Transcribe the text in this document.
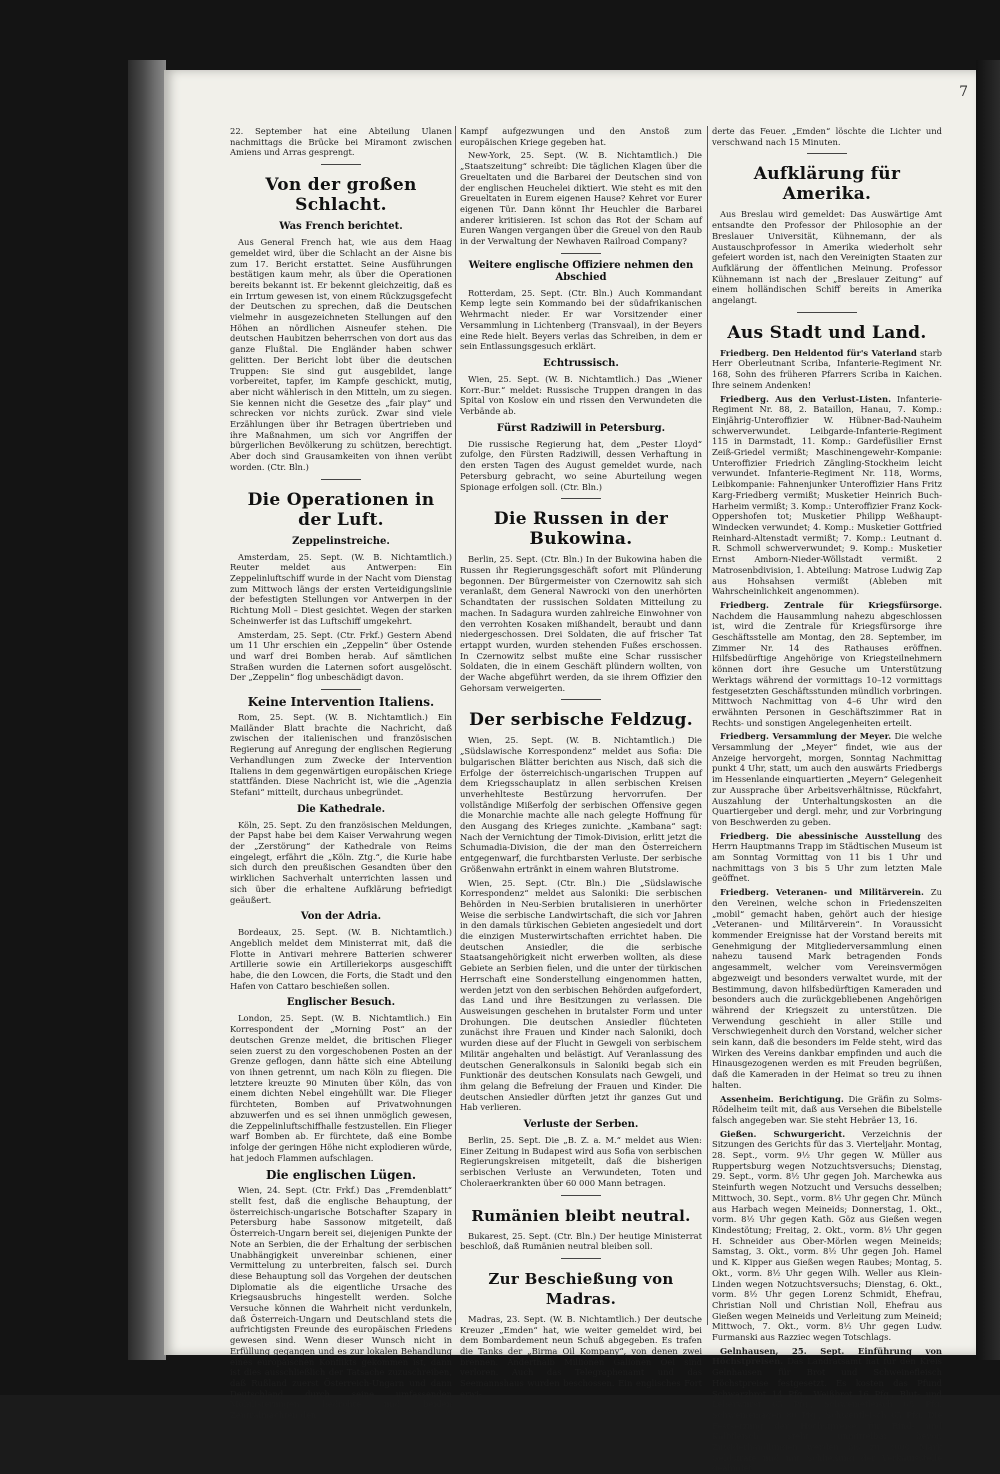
7

22. September hat eine Abteilung Ulanen nachmittags die Brücke bei Miramont zwischen Amiens und Arras gesprengt.

Von der großen Schlacht.
Was French berichtet.

Aus General French hat, wie aus dem Haag gemeldet wird, über die Schlacht an der Aisne bis zum 17. Bericht erstattet. Seine Ausführungen bestätigen kaum mehr, als über die Operationen bereits bekannt ist. Er bekennt gleichzeitig, daß es ein Irrtum gewesen ist, von einem Rückzugsgefecht der Deutschen zu sprechen, daß die Deutschen vielmehr in ausgezeichneten Stellungen auf den Höhen an nördlichen Aisneufer stehen. Die deutschen Haubitzen beherrschen von dort aus das ganze Flußtal. Die Engländer haben schwer gelitten. Der Bericht lobt über die deutschen Truppen: Sie sind gut ausgebildet, lange vorbereitet, tapfer, im Kampfe geschickt, mutig, aber nicht wählerisch in den Mitteln, um zu siegen. Sie kennen nicht die Gesetze des „fair play“ und schrecken vor nichts zurück. Zwar sind viele Erzählungen über ihr Betragen übertrieben und ihre Maßnahmen, um sich vor Angriffen der bürgerlichen Bevölkerung zu schützen, berechtigt. Aber doch sind Grausamkeiten von ihnen verübt worden. (Ctr. Bln.)

Die Operationen in der Luft.
Zeppelinstreiche.

Amsterdam, 25. Sept. (W. B. Nichtamtlich.) Reuter meldet aus Antwerpen: Ein Zeppelinluftschiff wurde in der Nacht vom Dienstag zum Mittwoch längs der ersten Verteidigungslinie der befestigten Stellungen vor Antwerpen in der Richtung Moll – Diest gesichtet. Wegen der starken Scheinwerfer ist das Luftschiff umgekehrt.

Amsterdam, 25. Sept. (Ctr. Frkf.) Gestern Abend um 11 Uhr erschien ein „Zeppelin“ über Ostende und warf drei Bomben herab. Auf sämtlichen Straßen wurden die Laternen sofort ausgelöscht. Der „Zeppelin“ flog unbeschädigt davon.

Keine Intervention Italiens.

Rom, 25. Sept. (W. B. Nichtamtlich.) Ein Mailänder Blatt brachte die Nachricht, daß zwischen der italienischen und französischen Regierung auf Anregung der englischen Regierung Verhandlungen zum Zwecke der Intervention Italiens in dem gegenwärtigen europäischen Kriege stattfänden. Diese Nachricht ist, wie die „Agenzia Stefani“ mitteilt, durchaus unbegründet.

Die Kathedrale.

Köln, 25. Sept. Zu den französischen Meldungen, der Papst habe bei dem Kaiser Verwahrung wegen der „Zerstörung“ der Kathedrale von Reims eingelegt, erfährt die „Köln. Ztg.“, die Kurie habe sich durch den preußischen Gesandten über den wirklichen Sachverhalt unterrichten lassen und sich über die erhaltene Aufklärung befriedigt geäußert.

Von der Adria.

Bordeaux, 25. Sept. (W. B. Nichtamtlich.) Angeblich meldet dem Ministerrat mit, daß die Flotte in Antivari mehrere Batterien schwerer Artillerie sowie ein Artilleriekorps ausgeschifft habe, die den Lowcen, die Forts, die Stadt und den Hafen von Cattaro beschießen sollen.

Englischer Besuch.

London, 25. Sept. (W. B. Nichtamtlich.) Ein Korrespondent der „Morning Post“ an der deutschen Grenze meldet, die britischen Flieger seien zuerst zu den vorgeschobenen Posten an der Grenze geflogen, dann hätte sich eine Abteilung von ihnen getrennt, um nach Köln zu fliegen. Die letztere kreuzte 90 Minuten über Köln, das von einem dichten Nebel eingehüllt war. Die Flieger fürchteten, Bomben auf Privatwohnungen abzuwerfen und es sei ihnen unmöglich gewesen, die Zeppelinluftschiffhalle festzustellen. Ein Flieger warf Bomben ab. Er fürchtete, daß eine Bombe infolge der geringen Höhe nicht explodieren würde, hat jedoch Flammen aufschlagen.

Die englischen Lügen.

Wien, 24. Sept. (Ctr. Frkf.) Das „Fremdenblatt“ stellt fest, daß die englische Behauptung, der österreichisch-ungarische Botschafter Szapary in Petersburg habe Sassonow mitgeteilt, daß Österreich-Ungarn bereit sei, diejenigen Punkte der Note an Serbien, die der Erhaltung der serbischen Unabhängigkeit unvereinbar schienen, einer Vermittelung zu unterbreiten, falsch sei. Durch diese Behauptung soll das Vorgehen der deutschen Diplomatie als die eigentliche Ursache des Kriegsausbruchs hingestellt werden. Solche Versuche können die Wahrheit nicht verdunkeln, daß Österreich-Ungarn und Deutschland stets die aufrichtigsten Freunde des europäischen Friedens gewesen sind. Wenn dieser Wunsch nicht in Erfüllung gegangen und es zur lokalen Behandlung eines europäischen Konflikts gekommen ist, dann ist dies ausschließlich der Tatsache zuzuschreiben, daß Rußland zuerst Österreich-Ungarn und dann Deutschland durch seine umfassenden Mobilisierungen bedrohte und beiden Zentralmächten den

Kampf aufgezwungen und den Anstoß zum europäischen Kriege gegeben hat.

New-York, 25. Sept. (W. B. Nichtamtlich.) Die „Staatszeitung“ schreibt: Die täglichen Klagen über die Greueltaten und die Barbarei der Deutschen sind von der englischen Heuchelei diktiert. Wie steht es mit den Greueltaten in Eurem eigenen Hause? Kehret vor Eurer eigenen Tür. Dann könnt Ihr Heuchler die Barbarei anderer kritisieren. Ist schon das Rot der Scham auf Euren Wangen vergangen über die Greuel von den Raub in der Verwaltung der Newhaven Railroad Company?

Weitere englische Offiziere nehmen den Abschied

Rotterdam, 25. Sept. (Ctr. Bln.) Auch Kommandant Kemp legte sein Kommando bei der südafrikanischen Wehrmacht nieder. Er war Vorsitzender einer Versammlung in Lichtenberg (Transvaal), in der Beyers eine Rede hielt. Beyers verlas das Schreiben, in dem er sein Entlassungsgesuch erklärt.

Echtrussisch.

Wien, 25. Sept. (W. B. Nichtamtlich.) Das „Wiener Korr.-Bur.“ meldet: Russische Truppen drangen in das Spital von Koslow ein und rissen den Verwundeten die Verbände ab.

Fürst Radziwill in Petersburg.

Die russische Regierung hat, dem „Pester Lloyd“ zufolge, den Fürsten Radziwill, dessen Verhaftung in den ersten Tagen des August gemeldet wurde, nach Petersburg gebracht, wo seine Aburteilung wegen Spionage erfolgen soll. (Ctr. Bln.)

Die Russen in der Bukowina.

Berlin, 25. Sept. (Ctr. Bln.) In der Bukowina haben die Russen ihr Regierungsgeschäft sofort mit Plünderung begonnen. Der Bürgermeister von Czernowitz sah sich veranlaßt, dem General Nawrocki von den unerhörten Schandtaten der russischen Soldaten Mitteilung zu machen. In Sadagura wurden zahlreiche Einwohner von den verrohten Kosaken mißhandelt, beraubt und dann niedergeschossen. Drei Soldaten, die auf frischer Tat ertappt wurden, wurden stehenden Fußes erschossen. In Czernowitz selbst mußte eine Schar russischer Soldaten, die in einem Geschäft plündern wollten, von der Wache abgeführt werden, da sie ihrem Offizier den Gehorsam verweigerten.

Der serbische Feldzug.

Wien, 25. Sept. (W. B. Nichtamtlich.) Die „Südslawische Korrespondenz“ meldet aus Sofia: Die bulgarischen Blätter berichten aus Nisch, daß sich die Erfolge der österreichisch-ungarischen Truppen auf dem Kriegsschauplatz in allen serbischen Kreisen unverhehlteste Bestürzung hervorrufen. Der vollständige Mißerfolg der serbischen Offensive gegen die Monarchie machte alle nach gelegte Hoffnung für den Ausgang des Krieges zunichte. „Kambana“ sagt: Nach der Vernichtung der Timok-Division, erlitt jetzt die Schumadia-Division, die der man den Österreichern entgegenwarf, die furchtbarsten Verluste. Der serbische Größenwahn ertränkt in einem wahren Blutstrome.

Wien, 25. Sept. (Ctr. Bln.) Die „Südslawische Korrespondenz“ meldet aus Saloniki: Die serbischen Behörden in Neu-Serbien brutalisieren in unerhörter Weise die serbische Landwirtschaft, die sich vor Jahren in den damals türkischen Gebieten angesiedelt und dort die einzigen Musterwirtschaften errichtet haben. Die deutschen Ansiedler, die die serbische Staatsangehörigkeit nicht erwerben wollten, als diese Gebiete an Serbien fielen, und die unter der türkischen Herrschaft eine Sonderstellung eingenommen hatten, werden jetzt von den serbischen Behörden aufgefordert, das Land und ihre Besitzungen zu verlassen. Die Ausweisungen geschehen in brutalster Form und unter Drohungen. Die deutschen Ansiedler flüchteten zunächst ihre Frauen und Kinder nach Saloniki, doch wurden diese auf der Flucht in Gewgeli von serbischem Militär angehalten und belästigt. Auf Veranlassung des deutschen Generalkonsuls in Saloniki begab sich ein Funktionär des deutschen Konsulats nach Gewgeli, und ihm gelang die Befreiung der Frauen und Kinder. Die deutschen Ansiedler dürften jetzt ihr ganzes Gut und Hab verlieren.

Verluste der Serben.

Berlin, 25. Sept. Die „B. Z. a. M.“ meldet aus Wien: Einer Zeitung in Budapest wird aus Sofia von serbischen Regierungskreisen mitgeteilt, daß die bisherigen serbischen Verluste an Verwundeten, Toten und Choleraerkrankten über 60 000 Mann betragen.

Rumänien bleibt neutral.

Bukarest, 25. Sept. (Ctr. Bln.) Der heutige Ministerrat beschloß, daß Rumänien neutral bleiben soll.

Zur Beschießung von Madras.

Madras, 23. Sept. (W. B. Nichtamtlich.) Der deutsche Kreuzer „Emden“ hat, wie weiter gemeldet wird, bei dem Bombardement neun Schuß abgegeben. Es trafen die Tanks der „Birma Oil Kompany“, von denen zwei brennen. Anderthalb Millionen Gallonen Oel sind verloren. Auch das Telegraphenamt und das Seemannshaus wurden beschossen. Ein englisches Fort erwi-

derte das Feuer. „Emden“ löschte die Lichter und verschwand nach 15 Minuten.

Aufklärung für Amerika.

Aus Breslau wird gemeldet: Das Auswärtige Amt entsandte den Professor der Philosophie an der Breslauer Universität, Kühnemann, der als Austauschprofessor in Amerika wiederholt sehr gefeiert worden ist, nach den Vereinigten Staaten zur Aufklärung der öffentlichen Meinung. Professor Kühnemann ist nach der „Breslauer Zeitung“ auf einem holländischen Schiff bereits in Amerika angelangt.

Aus Stadt und Land.

Friedberg. Den Heldentod für's Vaterland starb Herr Oberleutnant Scriba, Infanterie-Regiment Nr. 168, Sohn des früheren Pfarrers Scriba in Kaichen. Ihre seinem Andenken!

Friedberg. Aus den Verlust-Listen. Infanterie-Regiment Nr. 88, 2. Bataillon, Hanau, 7. Komp.: Einjährig-Unteroffizier W. Hübner-Bad-Nauheim schwerverwundet. Leibgarde-Infanterie-Regiment 115 in Darmstadt, 11. Komp.: Gardefüsilier Ernst Zeiß-Griedel vermißt; Maschinengewehr-Kompanie: Unteroffizier Friedrich Zängling-Stockheim leicht verwundet. Infanterie-Regiment Nr. 118, Worms, Leibkompanie: Fahnenjunker Unteroffizier Hans Fritz Karg-Friedberg vermißt; Musketier Heinrich Buch-Harheim vermißt; 3. Komp.: Unteroffizier Franz Kock-Oppershofen tot; Musketier Philipp Weßhaupt-Windecken verwundet; 4. Komp.: Musketier Gottfried Reinhard-Altenstadt vermißt; 7. Komp.: Leutnant d. R. Schmoll schwerverwundet; 9. Komp.: Musketier Ernst Amborn-Nieder-Wöllstadt vermißt. 2 Matrosenbdivision, 1. Abteilung: Matrose Ludwig Zap aus Hohsahsen vermißt (Ableben mit Wahrscheinlichkeit angenommen).

Friedberg. Zentrale für Kriegsfürsorge. Nachdem die Hausammlung nahezu abgeschlossen ist, wird die Zentrale für Kriegsfürsorge ihre Geschäftsstelle am Montag, den 28. September, im Zimmer Nr. 14 des Rathauses eröffnen. Hilfsbedürftige Angehörige von Kriegsteilnehmern können dort ihre Gesuche um Unterstützung Werktags während der vormittags 10–12 vormittags festgesetzten Geschäftsstunden mündlich vorbringen. Mittwoch Nachmittag von 4–6 Uhr wird den erwähnten Personen in Geschäftszimmer Rat in Rechts- und sonstigen Angelegenheiten erteilt.

Friedberg. Versammlung der Meyer. Die welche Versammlung der „Meyer“ findet, wie aus der Anzeige hervorgeht, morgen, Sonntag Nachmittag punkt 4 Uhr, statt, um auch den auswärts Friedbergs im Hessenlande einquartierten „Meyern“ Gelegenheit zur Aussprache über Arbeitsverhältnisse, Rückfahrt, Auszahlung der Unterhaltungskosten an die Quartiergeber und dergl. mehr, und zur Vorbringung von Beschwerden zu geben.

Friedberg. Die abessinische Ausstellung des Herrn Hauptmanns Trapp im Städtischen Museum ist am Sonntag Vormittag von 11 bis 1 Uhr und nachmittags von 3 bis 5 Uhr zum letzten Male geöffnet.

Friedberg. Veteranen- und Militärverein. Zu den Vereinen, welche schon in Friedenszeiten „mobil“ gemacht haben, gehört auch der hiesige „Veteranen- und Militärverein“. In Voraussicht kommender Ereignisse hat der Vorstand bereits mit Genehmigung der Mitgliederversammlung einen nahezu tausend Mark betragenden Fonds angesammelt, welcher vom Vereinsvermögen abgezweigt und besonders verwaltet wurde, mit der Bestimmung, davon hilfsbedürftigen Kameraden und besonders auch die zurückgebliebenen Angehörigen während der Kriegszeit zu unterstützen. Die Verwendung geschieht in aller Stille und Verschwiegenheit durch den Vorstand, welcher sicher sein kann, daß die besonders im Felde steht, wird das Wirken des Vereins dankbar empfinden und auch die Hinausgezogenen werden es mit Freuden begrüßen, daß die Kameraden in der Heimat so treu zu ihnen halten.

Assenheim. Berichtigung. Die Gräfin zu Solms-Rödelheim teilt mit, daß aus Versehen die Bibelstelle falsch angegeben war. Sie steht Hebräer 13, 16.

Gießen. Schwurgericht. Verzeichnis der Sitzungen des Gerichts für das 3. Vierteljahr. Montag, 28. Sept., vorm. 9½ Uhr gegen W. Müller aus Ruppertsburg wegen Notzuchtsversuchs; Dienstag, 29. Sept., vorm. 8½ Uhr gegen Joh. Marchewka aus Steinfurth wegen Notzucht und Versuchs desselben; Mittwoch, 30. Sept., vorm. 8½ Uhr gegen Chr. Münch aus Harbach wegen Meineids; Donnerstag, 1. Okt., vorm. 8½ Uhr gegen Kath. Göz aus Gießen wegen Kindestötung; Freitag, 2. Okt., vorm. 8½ Uhr gegen H. Schneider aus Ober-Mörlen wegen Meineids; Samstag, 3. Okt., vorm. 8½ Uhr gegen Joh. Hamel und K. Kipper aus Gießen wegen Raubes; Montag, 5. Okt., vorm. 8½ Uhr gegen Wilh. Weller aus Klein-Linden wegen Notzuchtsversuchs; Dienstag, 6. Okt., vorm. 8½ Uhr gegen Lorenz Schmidt, Ehefrau, Christian Noll und Christian Noll, Ehefrau aus Gießen wegen Meineids und Verleitung zum Meineid; Mittwoch, 7. Okt., vorm. 8½ Uhr gegen Ludw. Furmanski aus Razziec wegen Totschlags.

Gelnhausen, 25. Sept. Einführung von Höchstpreisen. Das Landratsamt hat für den Kreis Gelnhausen für Brot und Schweinefleisch Höchstpreise festgesetzt. Es kosten das Pfund Schwarzbrot 14 Pfg., Weißbrot 16 Pfg., Blut- und Leberwurst 65 Pfg., Schweinefleisch 65 Pfg. Schweinemagen 80 Pfg., Schwenfleisch 65 Pfg. Die Festsetzung der Höchstpreise für Rind- und Kalbfleisch steht unmittelbar bevor. Zuwiderhandlungen werden bis zu 3000 Mark Geldstrafe und mit Schließung der Verkaufsstelle geahndet.
